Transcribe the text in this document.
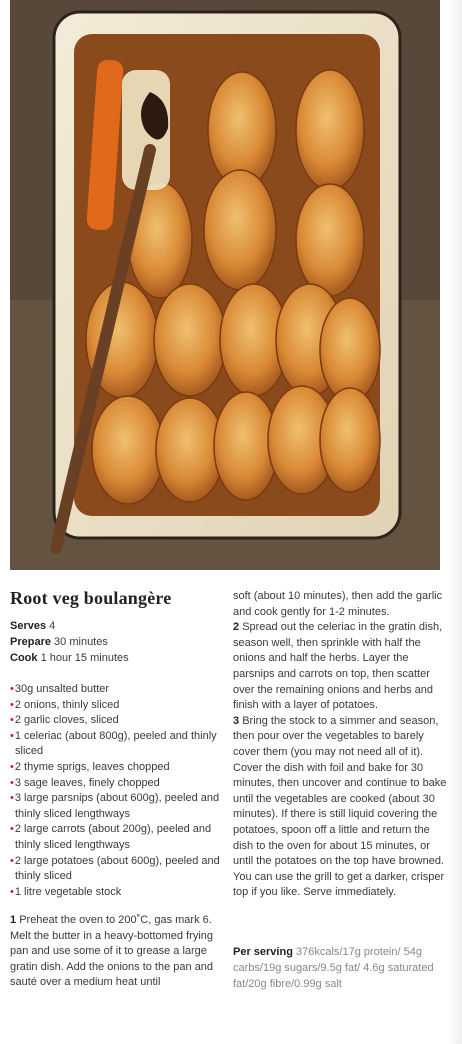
Root veg boulangère
Serves 4
Prepare 30 minutes
Cook 1 hour 15 minutes
• 30g unsalted butter
• 2 onions, thinly sliced
• 2 garlic cloves, sliced
• 1 celeriac (about 800g), peeled and thinly sliced
• 2 thyme sprigs, leaves chopped
• 3 sage leaves, finely chopped
• 3 large parsnips (about 600g), peeled and thinly sliced lengthways
• 2 large carrots (about 200g), peeled and thinly sliced lengthways
• 2 large potatoes (about 600g), peeled and thinly sliced
• 1 litre vegetable stock

1 Preheat the oven to 200˚C, gas mark 6. Melt the butter in a heavy-bottomed frying pan and use some of it to grease a large gratin dish. Add the onions to the pan and sauté over a medium heat until

soft (about 10 minutes), then add the garlic and cook gently for 1-2 minutes.

2 Spread out the celeriac in the gratin dish, season well, then sprinkle with half the onions and half the herbs. Layer the parsnips and carrots on top, then scatter over the remaining onions and herbs and finish with a layer of potatoes.

3 Bring the stock to a simmer and season, then pour over the vegetables to barely cover them (you may not need all of it). Cover the dish with foil and bake for 30 minutes, then uncover and continue to bake until the vegetables are cooked (about 30 minutes). If there is still liquid covering the potatoes, spoon off a little and return the dish to the oven for about 15 minutes, or until the potatoes on the top have browned. You can use the grill to get a darker, crisper top if you like. Serve immediately.

Per serving 376kcals/17g protein/ 54g carbs/19g sugars/9.5g fat/ 4.6g saturated fat/20g fibre/0.99g salt
